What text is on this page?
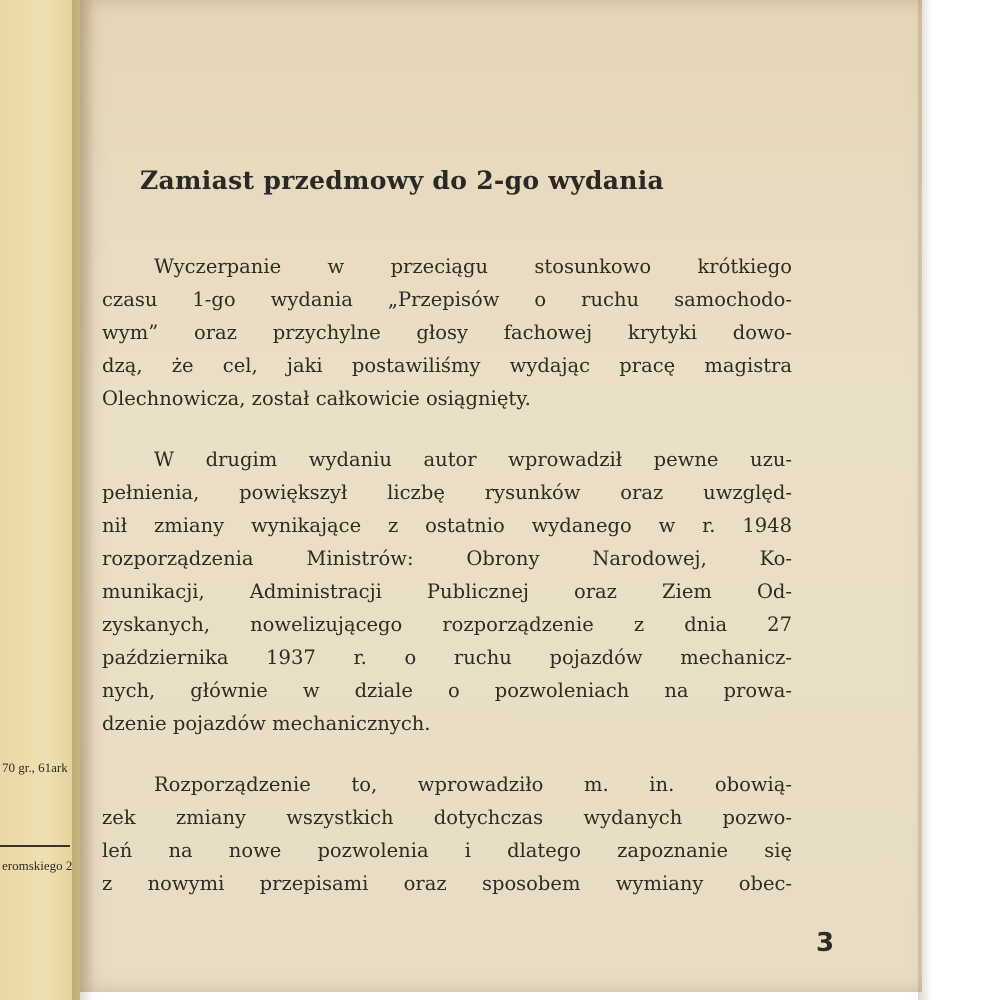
70 gr., 61ark
eromskiego 2
Zamiast przedmowy do 2-go wydania
Wyczerpanie w przeciągu stosunkowo krótkiego
czasu 1-go wydania „Przepisów o ruchu samochodo-
wym” oraz przychylne głosy fachowej krytyki dowo-
dzą, że cel, jaki postawiliśmy wydając pracę magistra
Olechnowicza, został całkowicie osiągnięty.
W drugim wydaniu autor wprowadził pewne uzu-
pełnienia, powiększył liczbę rysunków oraz uwzględ-
nił zmiany wynikające z ostatnio wydanego w r. 1948
rozporządzenia Ministrów: Obrony Narodowej, Ko-
munikacji, Administracji Publicznej oraz Ziem Od-
zyskanych, nowelizującego rozporządzenie z dnia 27
października 1937 r. o ruchu pojazdów mechanicz-
nych, głównie w dziale o pozwoleniach na prowa-
dzenie pojazdów mechanicznych.
Rozporządzenie to, wprowadziło m. in. obowią-
zek zmiany wszystkich dotychczas wydanych pozwo-
leń na nowe pozwolenia i dlatego zapoznanie się
z nowymi przepisami oraz sposobem wymiany obec-
3
